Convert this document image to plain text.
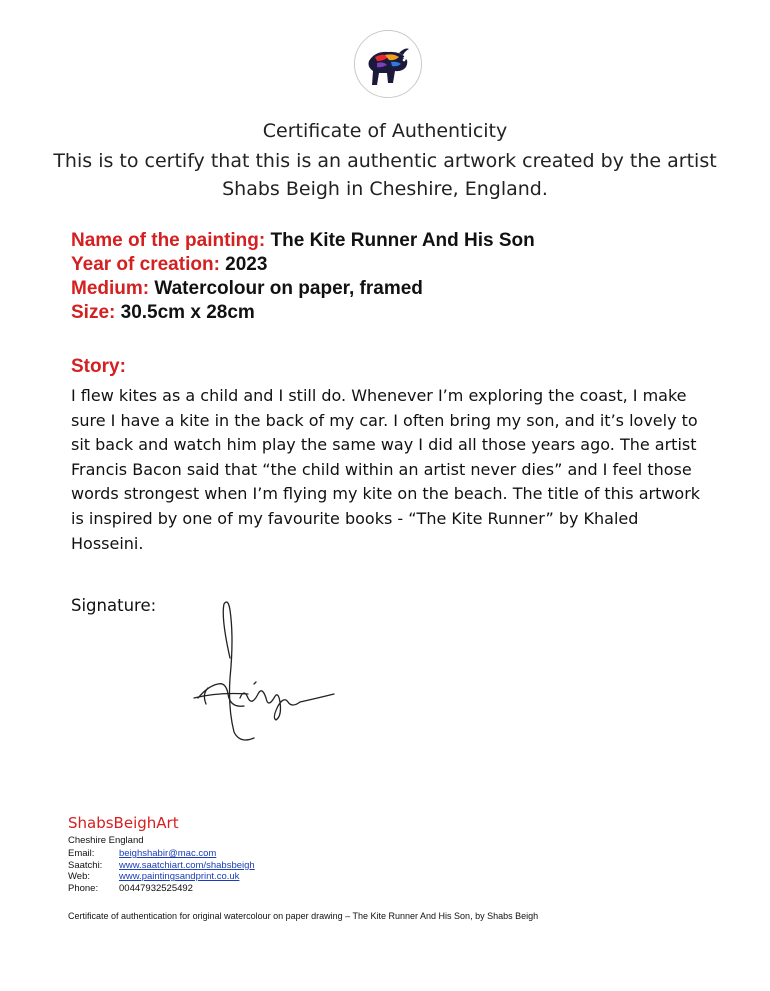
Certificate of Authenticity
This is to certify that this is an authentic artwork created by the artist
Shabs Beigh in Cheshire, England.
Name of the painting: The Kite Runner And His Son
Year of creation: 2023
Medium: Watercolour on paper, framed
Size: 30.5cm x 28cm
Story:
I flew kites as a child and I still do. Whenever I’m exploring the coast, I make sure I have a kite in the back of my car. I often bring my son, and it’s lovely to sit back and watch him play the same way I did all those years ago. The artist Francis Bacon said that “the child within an artist never dies” and I feel those words strongest when I’m flying my kite on the beach. The title of this artwork is inspired by one of my favourite books - “The Kite Runner” by Khaled Hosseini.
Signature:
ShabsBeighArt
Cheshire England
Email:	beighshabir@mac.com
Saatchi: www.saatchiart.com/shabsbeigh
Web:	www.paintingsandprint.co.uk
Phone: 00447932525492
Certificate of authentication for original watercolour on paper drawing – The Kite Runner And His Son, by Shabs Beigh
